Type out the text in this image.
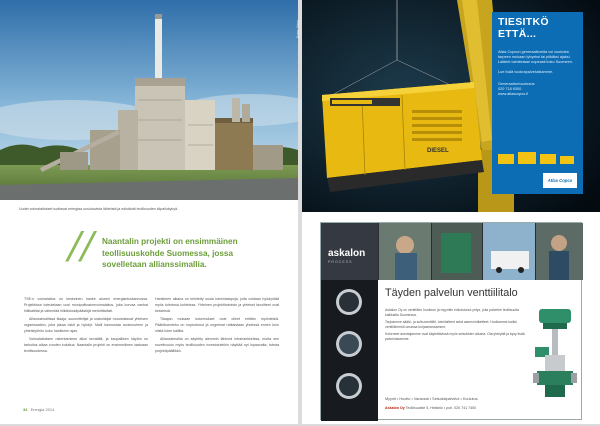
Kuva: Vapo
Uudet voimalaitokset tuottavat energiaa uusiutuvista lähteistä ja edistävät teollisuuden kilpailukykyä.
// Naantalin projekti on ensimmäinen teollisuuskohde Suomessa, jossa sovelletaan allianssimallia.

TSE:n voimalaitos on keskeinen hanke alueen energiantuotannossa. Projektissa toteutetaan uusi monipolttoainevoimalaitos, joka korvaa vanhat hiilikattilat ja vähentää hiilidioksidipäästöjä merkittävästi.

Allianssimallissa tilaaja, suunnittelijat ja urakoitsijat muodostavat yhteisen organisaation, joka jakaa riskit ja hyödyt. Malli kannustaa avoimuuteen ja yhteistyöhön koko hankkeen ajan.

Voimalaitoksen rakentaminen alkoi keväällä, ja kaupallisen käytön on tarkoitus alkaa vuoden kuluttua. Naantalin projekti on ensimmäinen laatuaan teollisuudessa.

Hankkeen aikana on kehitetty uusia toimintatapoja, joita voidaan hyödyntää myös tulevissa kohteissa. Yhteinen projektitoimisto ja yhteiset tavoitteet ovat keskeisiä.

Tilaajan mukaan kokemukset ovat olleet erittäin myönteisiä. Päätöksenteko on nopeutunut ja ongelmat ratkaistaan yhdessä ennen kuin niistä tulee kalliita.

Allianssimallia on käytetty aiemmin lähinnä infrahankkeissa, mutta sen soveltuvuus myös teollisuuden investointeihin näyttää nyt lupaavalta, toteaa projektipäällikkö.

34 Energia 2014
DIESEL
TIESITKÖ
ETTÄ...
Atlas Copcon generaattoreita voi vuokrata tarpeen mukaan lyhyeksi tai pitkäksi ajaksi. Laitteet toimitetaan nopeasti koko Suomeen.
Lue lisää vuokrapalveluistamme.
Generaattorivuokraus
020 718 9300
www.atlascopco.fi
Atlas Copco
askalon
PROCESS
Täyden palvelun venttiilitalo

Askalon Oy on venttiilien huoltoon ja myyntiin erikoistunut yritys, joka palvelee teollisuutta kaikkialla Suomessa.

Tarjoamme säätö- ja sulkuventtiilit, toimilaitteet sekä asemointilaitteet. Huollamme kaikki venttiilimerkit omassa korjaamossamme.

Kokeneet asentajamme ovat käytettävissä myös seisokkien aikana. Ota yhteyttä ja kysy lisää palveluistamme.

Myynti • Huolto • Varaosat • Seisokkipalvelut • Koulutus
Askalon Oy Teollisuustie 5, Helsinki • puh. 020 741 7400
